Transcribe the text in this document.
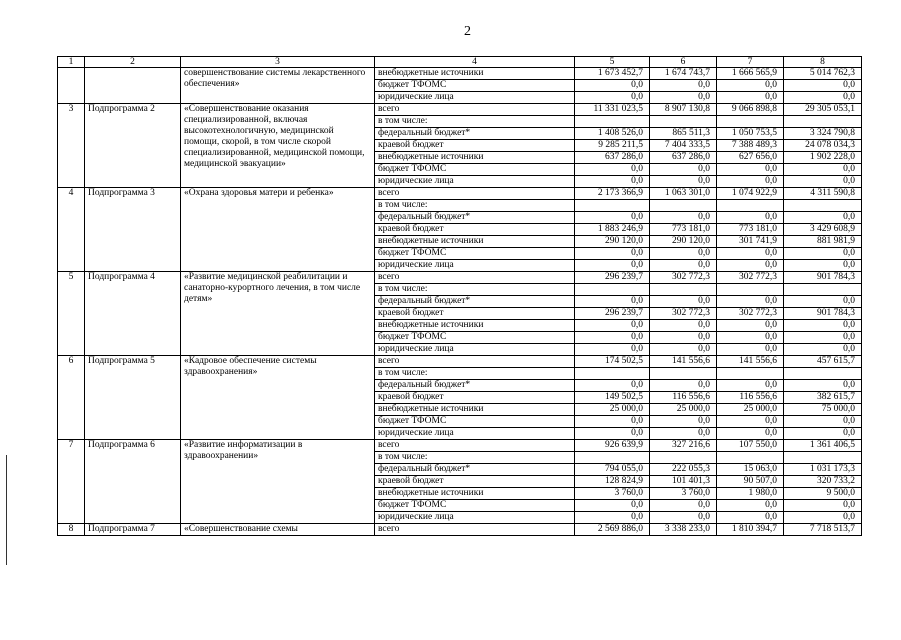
2
1	2	3	4	5	6	7	8
		совершенствование системы лекарственного обеспечения»	внебюджетные источники	1 673 452,7	1 674 743,7	1 666 565,9	5 014 762,3
			бюджет ТФОМС	0,0	0,0	0,0	0,0
			юридические лица	0,0	0,0	0,0	0,0
3	Подпрограмма 2	«Совершенствование оказания специализированной, включая высокотехнологичную, медицинской помощи, скорой, в том числе скорой специализированной, медицинской помощи, медицинской эвакуации»	всего	11 331 023,5	8 907 130,8	9 066 898,8	29 305 053,1
			в том числе:				
			федеральный бюджет*	1 408 526,0	865 511,3	1 050 753,5	3 324 790,8
			краевой бюджет	9 285 211,5	7 404 333,5	7 388 489,3	24 078 034,3
			внебюджетные источники	637 286,0	637 286,0	627 656,0	1 902 228,0
			бюджет ТФОМС	0,0	0,0	0,0	0,0
			юридические лица	0,0	0,0	0,0	0,0
4	Подпрограмма 3	«Охрана здоровья матери и ребенка»	всего	2 173 366,9	1 063 301,0	1 074 922,9	4 311 590,8
			в том числе:				
			федеральный бюджет*	0,0	0,0	0,0	0,0
			краевой бюджет	1 883 246,9	773 181,0	773 181,0	3 429 608,9
			внебюджетные источники	290 120,0	290 120,0	301 741,9	881 981,9
			бюджет ТФОМС	0,0	0,0	0,0	0,0
			юридические лица	0,0	0,0	0,0	0,0
5	Подпрограмма 4	«Развитие медицинской реабилитации и санаторно-курортного лечения, в том числе детям»	всего	296 239,7	302 772,3	302 772,3	901 784,3
			в том числе:				
			федеральный бюджет*	0,0	0,0	0,0	0,0
			краевой бюджет	296 239,7	302 772,3	302 772,3	901 784,3
			внебюджетные источники	0,0	0,0	0,0	0,0
			бюджет ТФОМС	0,0	0,0	0,0	0,0
			юридические лица	0,0	0,0	0,0	0,0
6	Подпрограмма 5	«Кадровое обеспечение системы здравоохранения»	всего	174 502,5	141 556,6	141 556,6	457 615,7
			в том числе:				
			федеральный бюджет*	0,0	0,0	0,0	0,0
			краевой бюджет	149 502,5	116 556,6	116 556,6	382 615,7
			внебюджетные источники	25 000,0	25 000,0	25 000,0	75 000,0
			бюджет ТФОМС	0,0	0,0	0,0	0,0
			юридические лица	0,0	0,0	0,0	0,0
7	Подпрограмма 6	«Развитие информатизации в здравоохранении»	всего	926 639,9	327 216,6	107 550,0	1 361 406,5
			в том числе:				
			федеральный бюджет*	794 055,0	222 055,3	15 063,0	1 031 173,3
			краевой бюджет	128 824,9	101 401,3	90 507,0	320 733,2
			внебюджетные источники	3 760,0	3 760,0	1 980,0	9 500,0
			бюджет ТФОМС	0,0	0,0	0,0	0,0
			юридические лица	0,0	0,0	0,0	0,0
8	Подпрограмма 7	«Совершенствование схемы	всего	2 569 886,0	3 338 233,0	1 810 394,7	7 718 513,7
